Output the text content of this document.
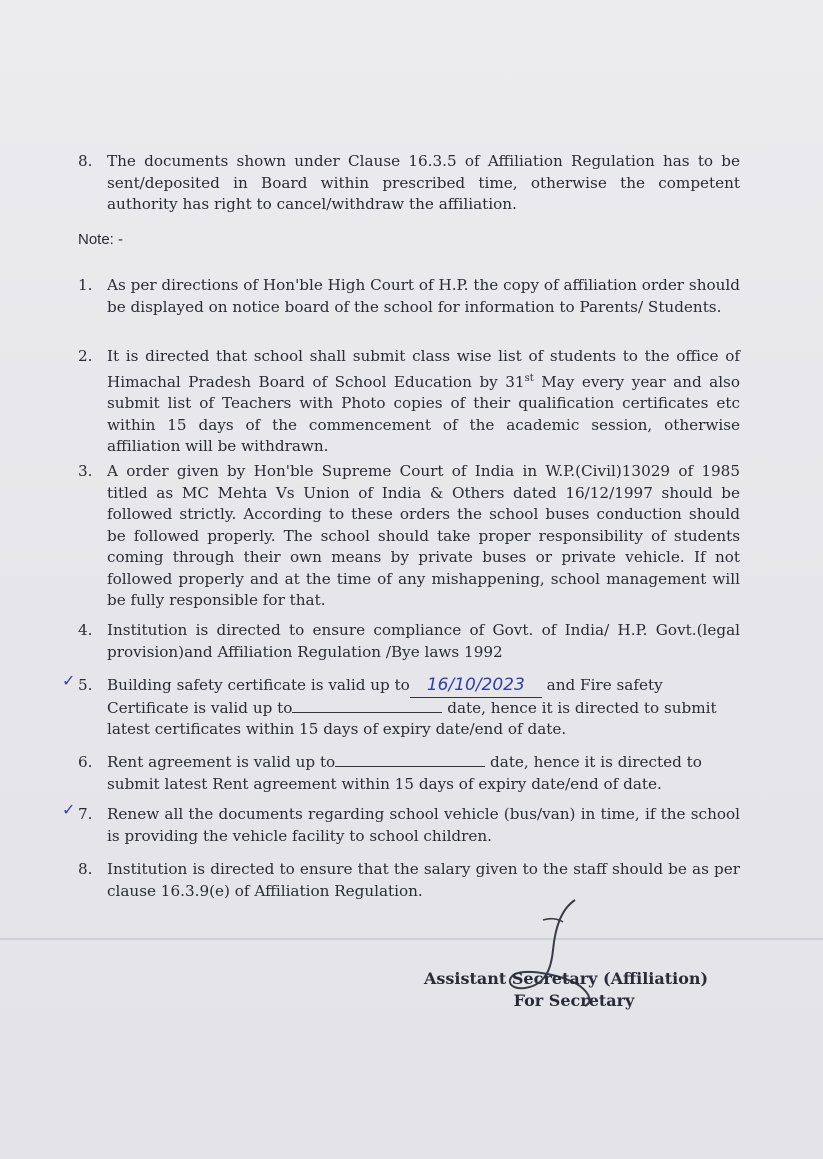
8. The documents shown under Clause 16.3.5 of Affiliation Regulation has to be sent/deposited in Board within prescribed time, otherwise the competent authority has right to cancel/withdraw the affiliation.
Note: -
1. As per directions of Hon'ble High Court of H.P. the copy of affiliation order should be displayed on notice board of the school for information to Parents/ Students.
2. It is directed that school shall submit class wise list of students to the office of Himachal Pradesh Board of School Education by 31st May every year and also submit list of Teachers with Photo copies of their qualification certificates etc within 15 days of the commencement of the academic session, otherwise affiliation will be withdrawn.
3. A order given by Hon'ble Supreme Court of India in W.P.(Civil)13029 of 1985 titled as MC Mehta Vs Union of India & Others dated 16/12/1997 should be followed strictly. According to these orders the school buses conduction should be followed properly. The school should take proper responsibility of students coming through their own means by private buses or private vehicle. If not followed properly and at the time of any mishappening, school management will be fully responsible for that.
4. Institution is directed to ensure compliance of Govt. of India/ H.P. Govt.(legal provision)and Affiliation Regulation /Bye laws 1992
✓ 5. Building safety certificate is valid up to 16/10/2023 and Fire safety Certificate is valid up to	date, hence it is directed to submit latest certificates within 15 days of expiry date/end of date.
6. Rent agreement is valid up to	date, hence it is directed to submit latest Rent agreement within 15 days of expiry date/end of date.
✓ 7. Renew all the documents regarding school vehicle (bus/van) in time, if the school is providing the vehicle facility to school children.
8. Institution is directed to ensure that the salary given to the staff should be as per clause 16.3.9(e) of Affiliation Regulation.
Assistant Secretary (Affiliation)
For Secretary
